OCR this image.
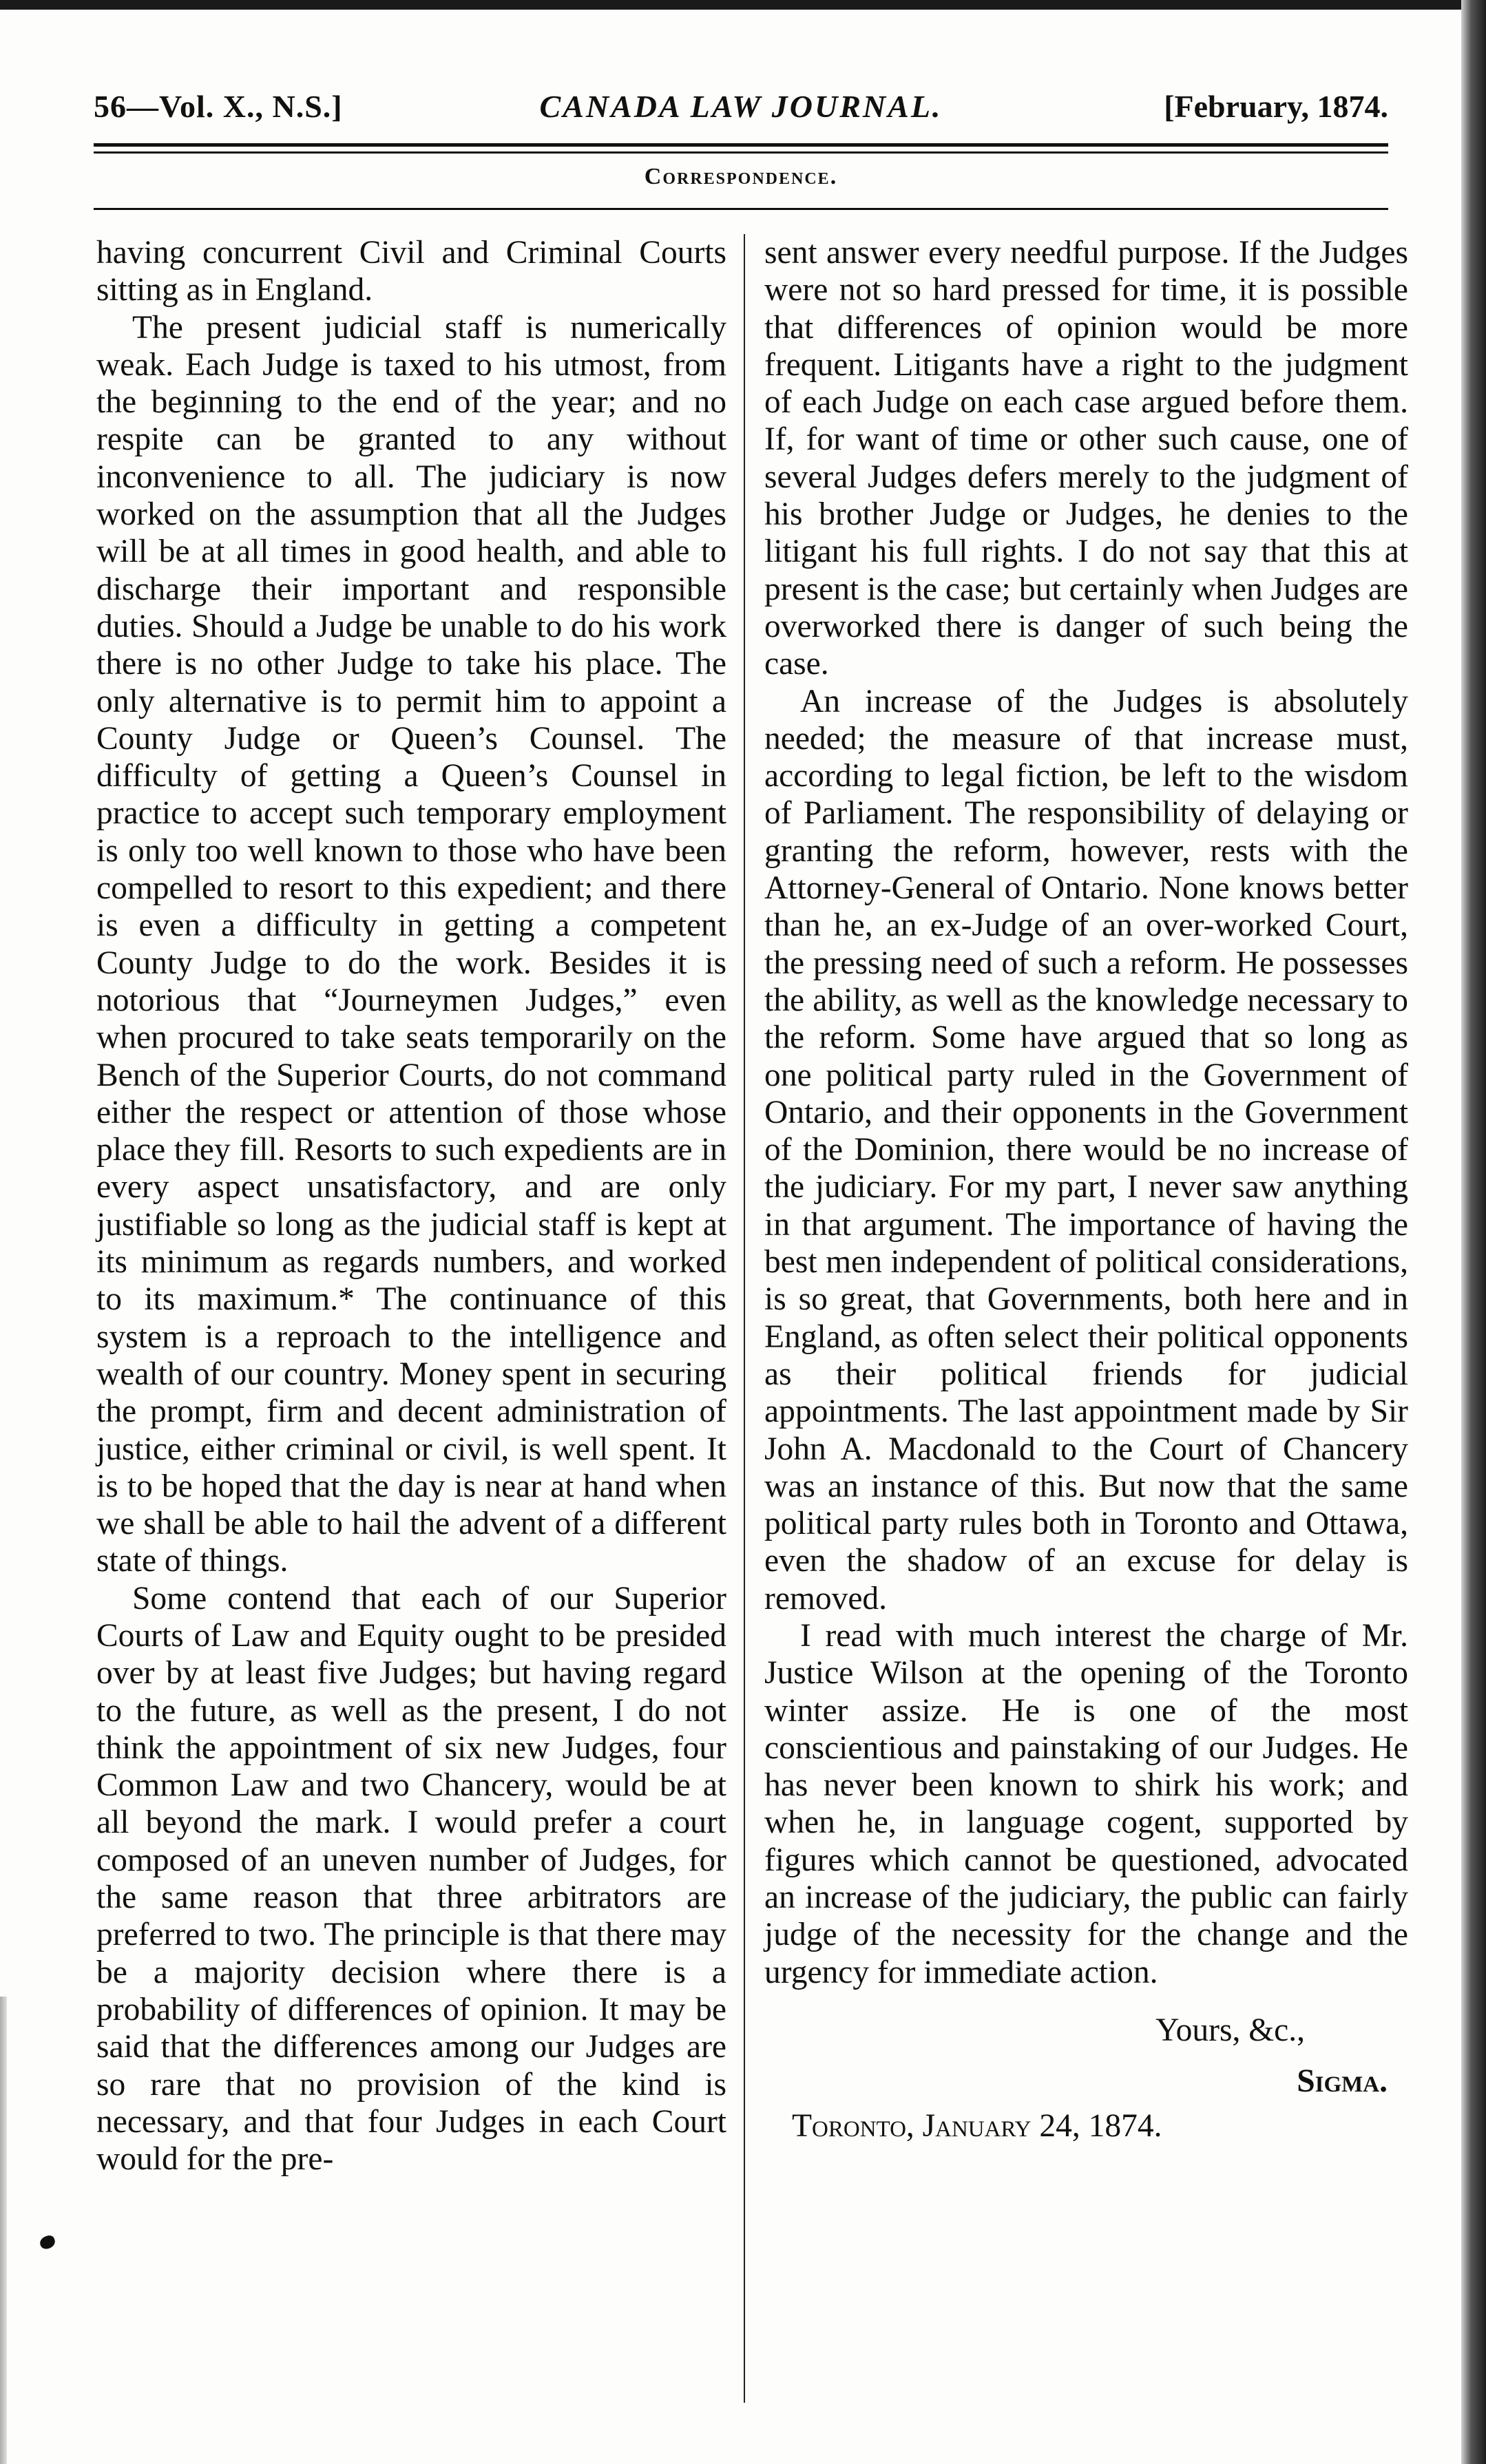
56—Vol. X., N.S.]	CANADA LAW JOURNAL.	[February, 1874.
Correspondence.

having concurrent Civil and Criminal Courts sitting as in England.

The present judicial staff is numerically weak. Each Judge is taxed to his utmost, from the beginning to the end of the year; and no respite can be granted to any without inconvenience to all. The judiciary is now worked on the assumption that all the Judges will be at all times in good health, and able to discharge their important and responsible duties. Should a Judge be unable to do his work there is no other Judge to take his place. The only alternative is to permit him to appoint a County Judge or Queen’s Counsel. The difficulty of getting a Queen’s Counsel in practice to accept such temporary employment is only too well known to those who have been compelled to resort to this expedient; and there is even a difficulty in getting a competent County Judge to do the work. Besides it is notorious that “Journeymen Judges,” even when procured to take seats temporarily on the Bench of the Superior Courts, do not command either the respect or attention of those whose place they fill. Resorts to such expedients are in every aspect unsatisfactory, and are only justifiable so long as the judicial staff is kept at its minimum as regards numbers, and worked to its maximum.* The continuance of this system is a reproach to the intelligence and wealth of our country. Money spent in securing the prompt, firm and decent administration of justice, either criminal or civil, is well spent. It is to be hoped that the day is near at hand when we shall be able to hail the advent of a different state of things.

Some contend that each of our Superior Courts of Law and Equity ought to be presided over by at least five Judges; but having regard to the future, as well as the present, I do not think the appointment of six new Judges, four Common Law and two Chancery, would be at all beyond the mark. I would prefer a court composed of an uneven number of Judges, for the same reason that three arbitrators are preferred to two. The principle is that there may be a majority decision where there is a probability of differences of opinion. It may be said that the differences among our Judges are so rare that no provision of the kind is necessary, and that four Judges in each Court would for the pre-

sent answer every needful purpose. If the Judges were not so hard pressed for time, it is possible that differences of opinion would be more frequent. Litigants have a right to the judgment of each Judge on each case argued before them. If, for want of time or other such cause, one of several Judges defers merely to the judgment of his brother Judge or Judges, he denies to the litigant his full rights. I do not say that this at present is the case; but certainly when Judges are overworked there is danger of such being the case.

An increase of the Judges is absolutely needed; the measure of that increase must, according to legal fiction, be left to the wisdom of Parliament. The responsibility of delaying or granting the reform, however, rests with the Attorney-General of Ontario. None knows better than he, an ex-Judge of an over-worked Court, the pressing need of such a reform. He possesses the ability, as well as the knowledge necessary to the reform. Some have argued that so long as one political party ruled in the Government of Ontario, and their opponents in the Government of the Dominion, there would be no increase of the judiciary. For my part, I never saw anything in that argument. The importance of having the best men independent of political considerations, is so great, that Governments, both here and in England, as often select their political opponents as their political friends for judicial appointments. The last appointment made by Sir John A. Macdonald to the Court of Chancery was an instance of this. But now that the same political party rules both in Toronto and Ottawa, even the shadow of an excuse for delay is removed.

I read with much interest the charge of Mr. Justice Wilson at the opening of the Toronto winter assize. He is one of the most conscientious and painstaking of our Judges. He has never been known to shirk his work; and when he, in language cogent, supported by figures which cannot be questioned, advocated an increase of the judiciary, the public can fairly judge of the necessity for the change and the urgency for immediate action.

Yours, &c.,
Sigma.
Toronto, January 24, 1874.
